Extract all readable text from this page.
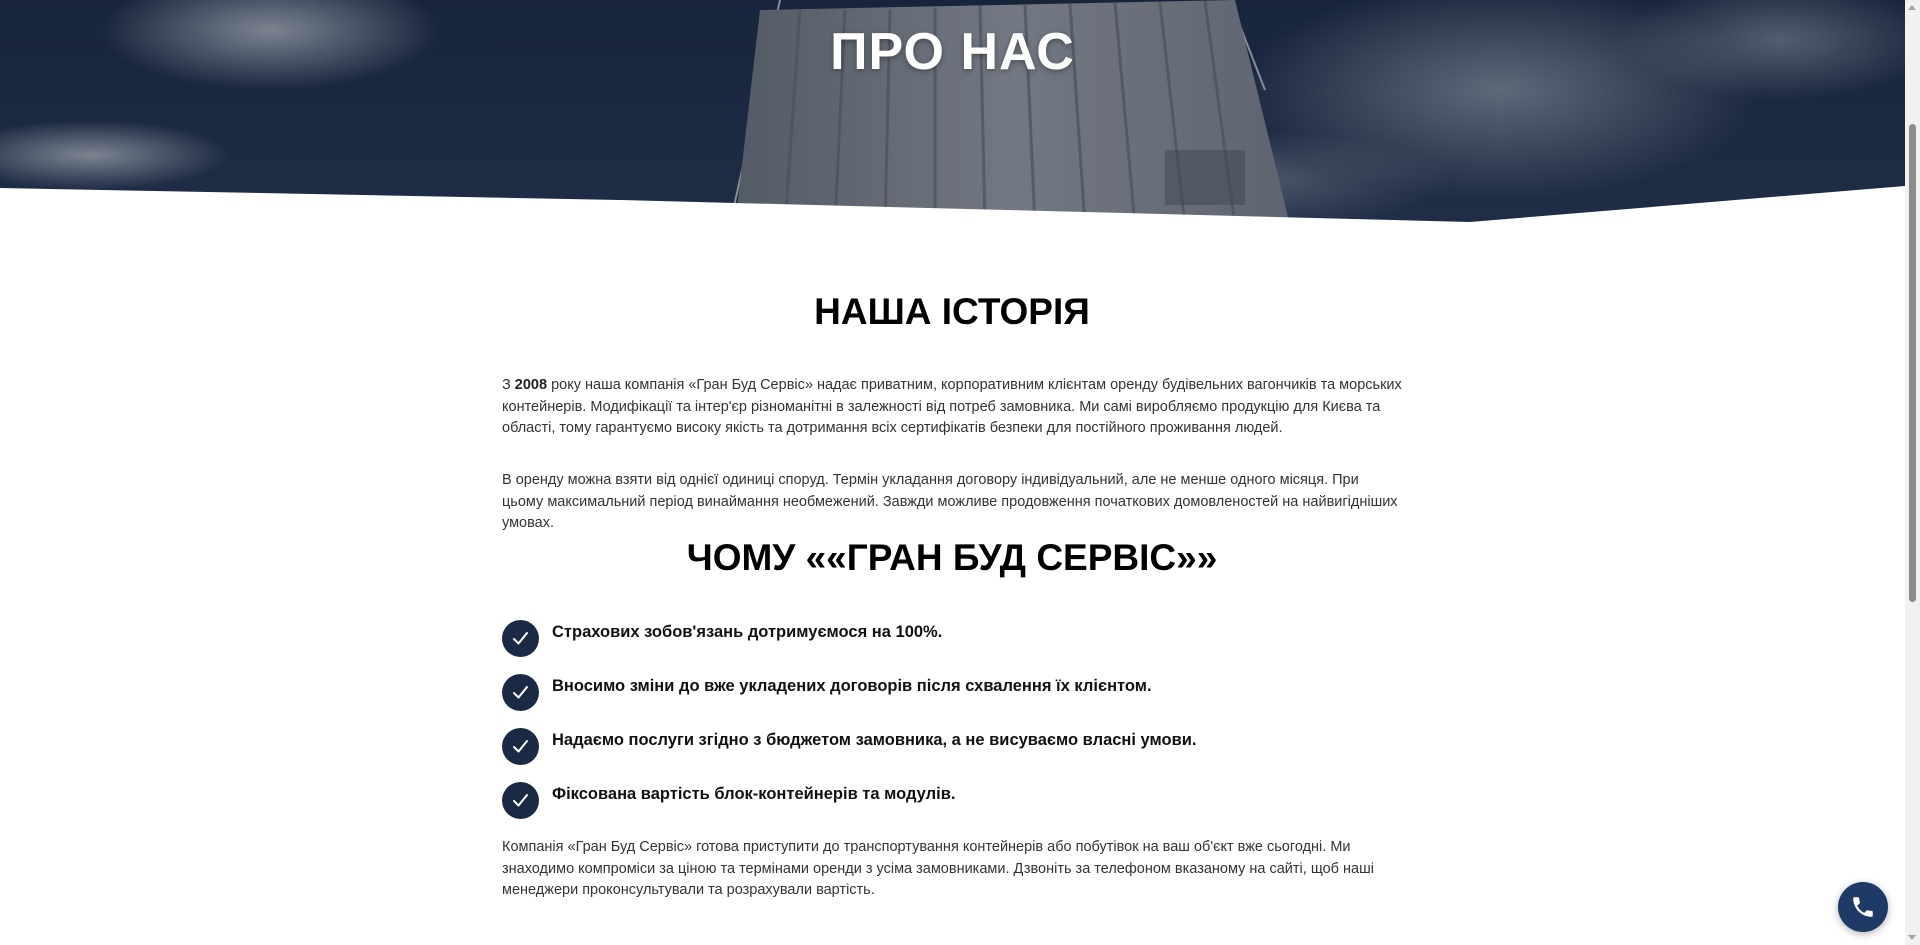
ПРО НАС
НАША ІСТОРІЯ

З 2008 року наша компанія «Гран Буд Сервіс» надає приватним, корпоративним клієнтам оренду будівельних вагончиків та морських контейнерів. Модифікації та інтер'єр різноманітні в залежності від потреб замовника. Ми самі виробляємо продукцію для Києва та області, тому гарантуємо високу якість та дотримання всіх сертифікатів безпеки для постійного проживання людей.

В оренду можна взяти від однієї одиниці споруд. Термін укладання договору індивідуальний, але не менше одного місяця. При цьому максимальний період винаймання необмежений. Завжди можливе продовження початкових домовленостей на найвигідніших умовах.

ЧОМУ ««ГРАН БУД СЕРВІС»»
Страхових зобов'язань дотримуємося на 100%.
Вносимо зміни до вже укладених договорів після схвалення їх клієнтом.
Надаємо послуги згідно з бюджетом замовника, а не висуваємо власні умови.
Фіксована вартість блок-контейнерів та модулів.

Компанія «Гран Буд Сервіс» готова приступити до транспортування контейнерів або побутівок на ваш об'єкт вже сьогодні. Ми знаходимо компроміси за ціною та термінами оренди з усіма замовниками. Дзвоніть за телефоном вказаному на сайті, щоб наші менеджери проконсультували та розрахували вартість.
